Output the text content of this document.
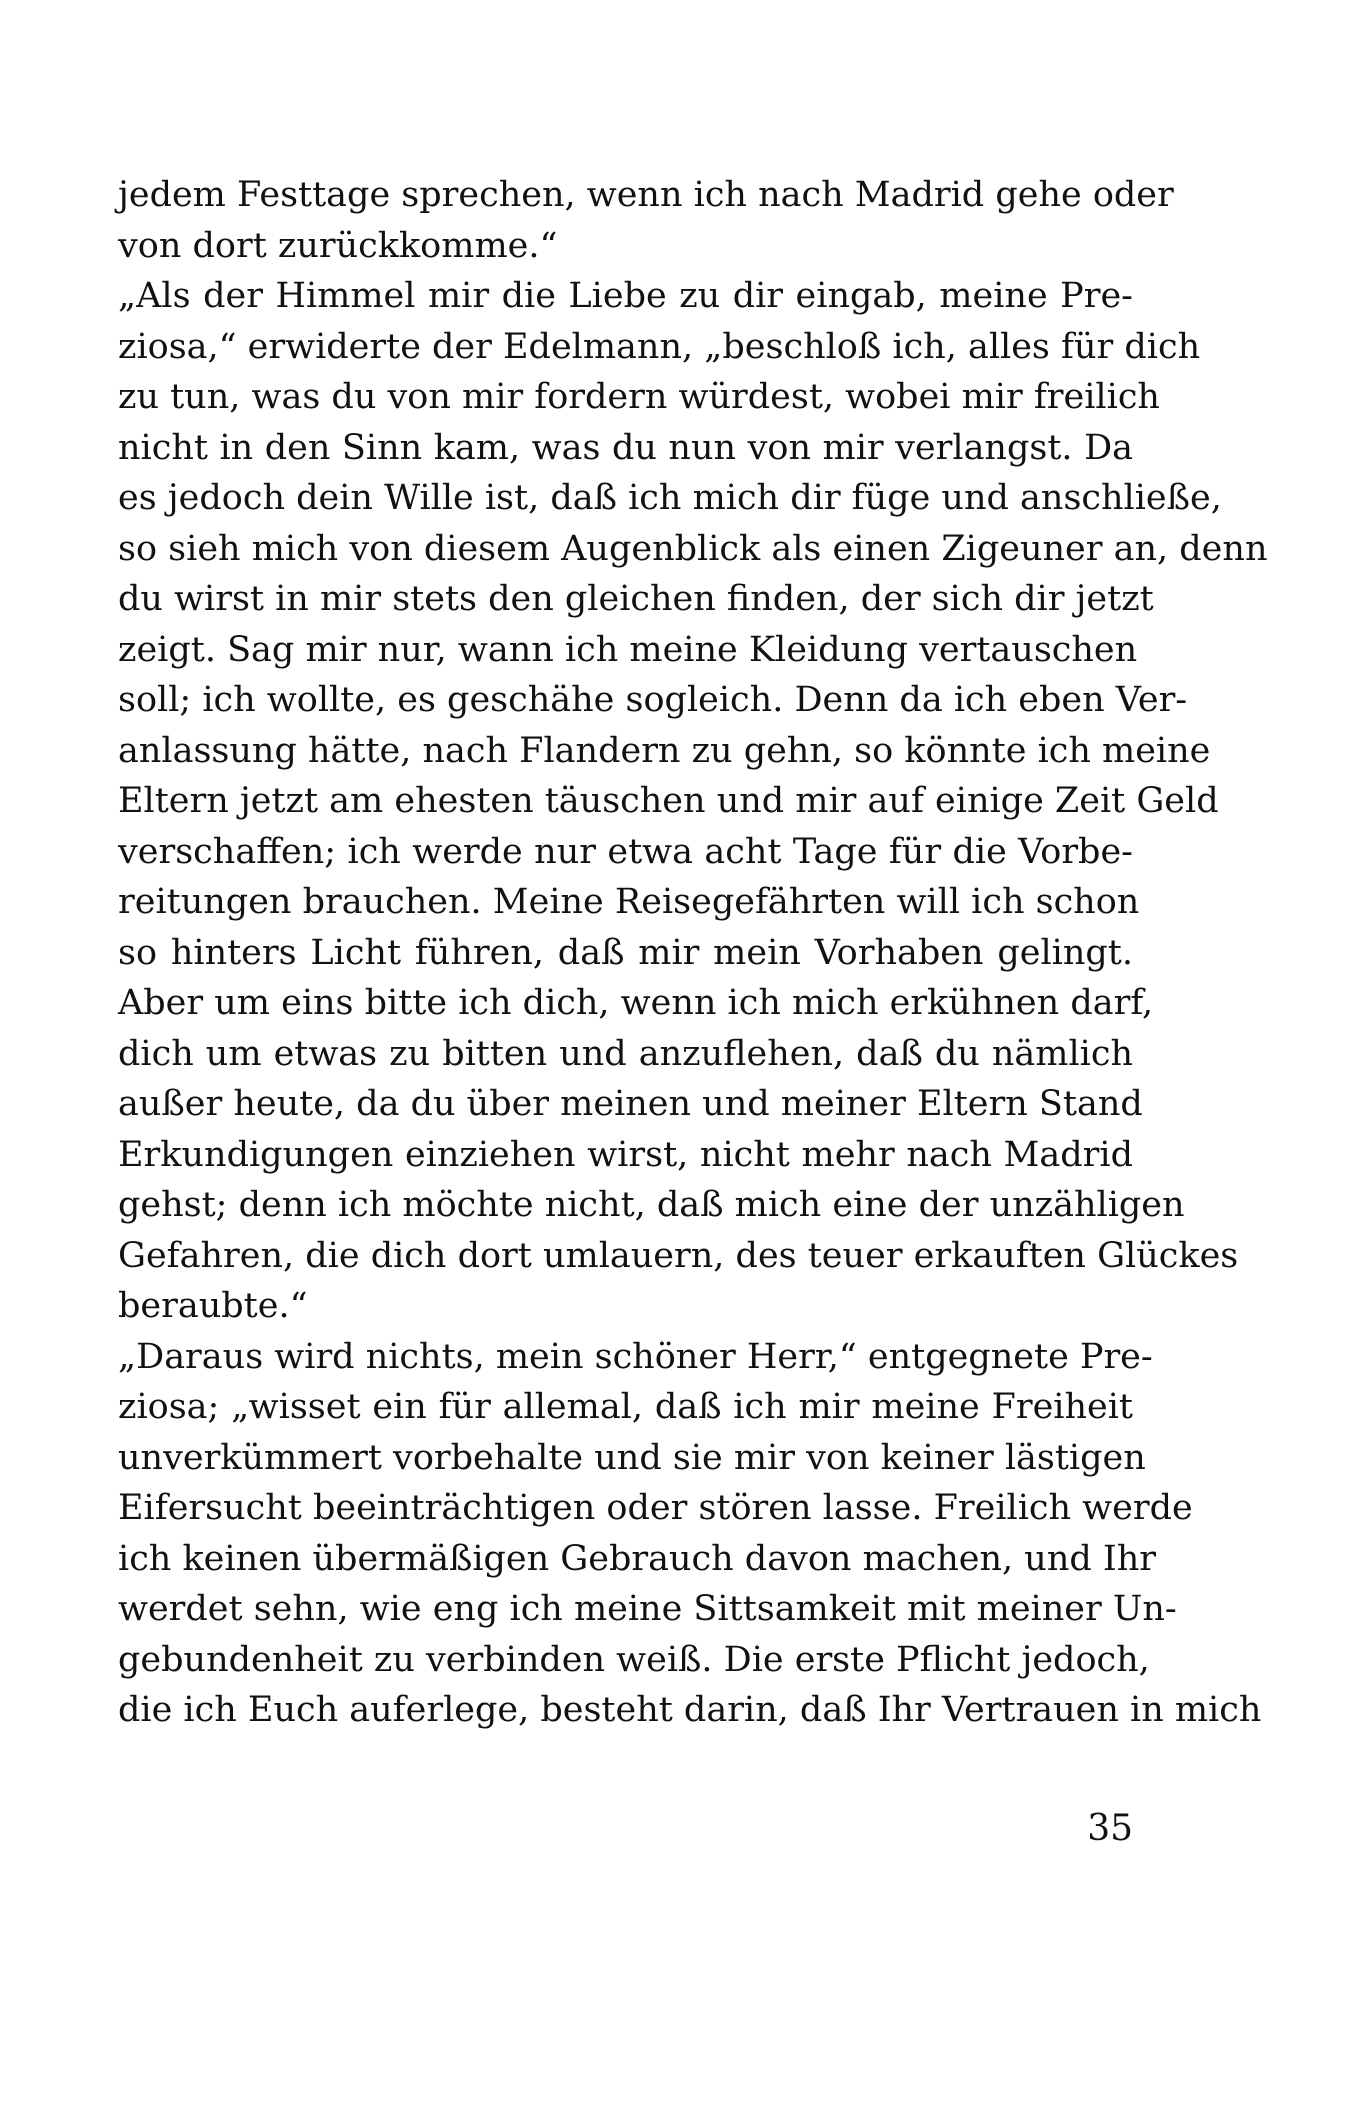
jedem Festtage sprechen, wenn ich nach Madrid gehe oder
von dort zurückkomme.“
„Als der Himmel mir die Liebe zu dir eingab, meine Pre-
ziosa,“ erwiderte der Edelmann, „beschloß ich, alles für dich
zu tun, was du von mir fordern würdest, wobei mir freilich
nicht in den Sinn kam, was du nun von mir verlangst. Da
es jedoch dein Wille ist, daß ich mich dir füge und anschließe,
so sieh mich von diesem Augenblick als einen Zigeuner an, denn
du wirst in mir stets den gleichen finden, der sich dir jetzt
zeigt. Sag mir nur, wann ich meine Kleidung vertauschen
soll; ich wollte, es geschähe sogleich. Denn da ich eben Ver-
anlassung hätte, nach Flandern zu gehn, so könnte ich meine
Eltern jetzt am ehesten täuschen und mir auf einige Zeit Geld
verschaffen; ich werde nur etwa acht Tage für die Vorbe-
reitungen brauchen. Meine Reisegefährten will ich schon
so hinters Licht führen, daß mir mein Vorhaben gelingt.
Aber um eins bitte ich dich, wenn ich mich erkühnen darf,
dich um etwas zu bitten und anzuflehen, daß du nämlich
außer heute, da du über meinen und meiner Eltern Stand
Erkundigungen einziehen wirst, nicht mehr nach Madrid
gehst; denn ich möchte nicht, daß mich eine der unzähligen
Gefahren, die dich dort umlauern, des teuer erkauften Glückes
beraubte.“
„Daraus wird nichts, mein schöner Herr,“ entgegnete Pre-
ziosa; „wisset ein für allemal, daß ich mir meine Freiheit
unverkümmert vorbehalte und sie mir von keiner lästigen
Eifersucht beeinträchtigen oder stören lasse. Freilich werde
ich keinen übermäßigen Gebrauch davon machen, und Ihr
werdet sehn, wie eng ich meine Sittsamkeit mit meiner Un-
gebundenheit zu verbinden weiß. Die erste Pflicht jedoch,
die ich Euch auferlege, besteht darin, daß Ihr Vertrauen in mich
35
